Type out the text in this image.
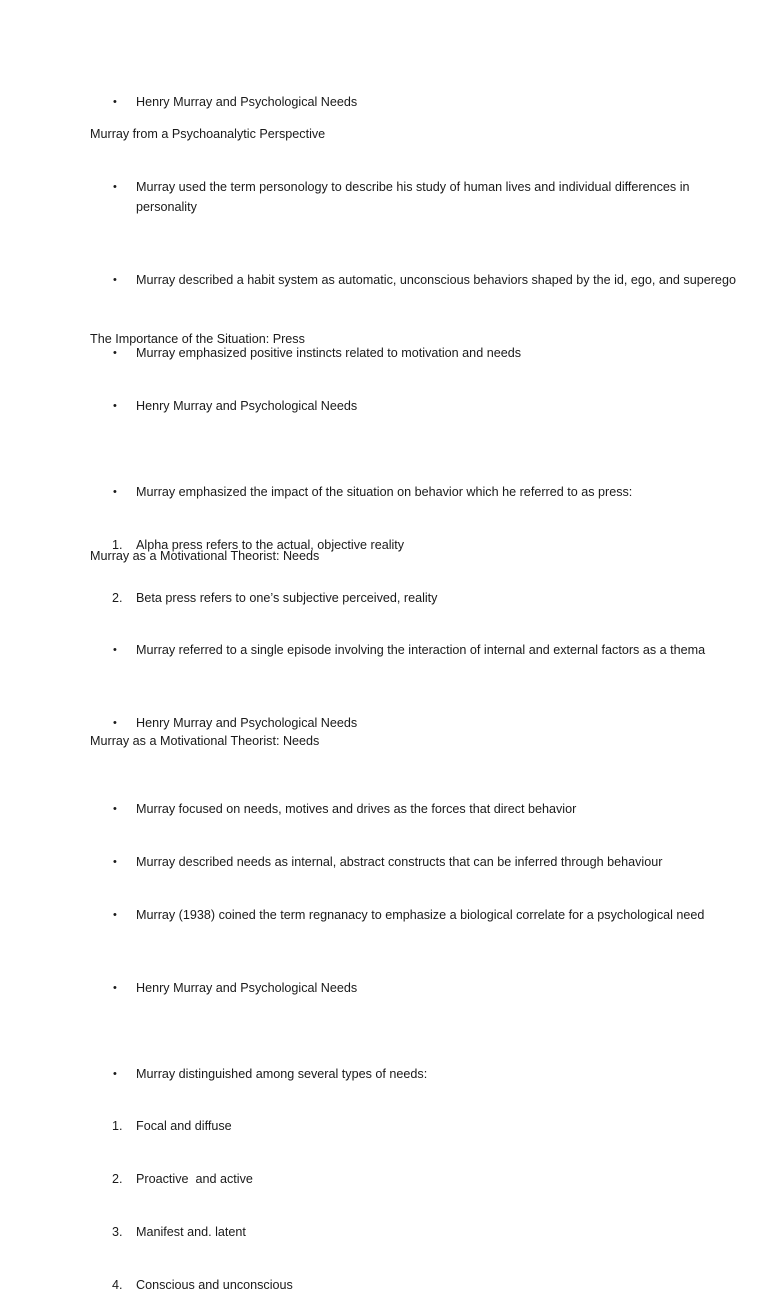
•	Henry Murray and Psychological Needs
Murray from a Psychoanalytic Perspective
•	Murray used the term personology to describe his study of human lives and individual differences in personality
•	Murray described a habit system as automatic, unconscious behaviors shaped by the id, ego, and superego
•	Murray emphasized positive instincts related to motivation and needs
•	Henry Murray and Psychological Needs
The Importance of the Situation: Press
•	Murray emphasized the impact of the situation on behavior which he referred to as press:
1.	Alpha press refers to the actual, objective reality
2.	Beta press refers to one’s subjective perceived, reality
•	Murray referred to a single episode involving the interaction of internal and external factors as a thema
•	Henry Murray and Psychological Needs
Murray as a Motivational Theorist: Needs
•	Murray focused on needs, motives and drives as the forces that direct behavior
•	Murray described needs as internal, abstract constructs that can be inferred through behaviour
•	Murray (1938) coined the term regnanacy to emphasize a biological correlate for a psychological need
•	Henry Murray and Psychological Needs
Murray as a Motivational Theorist: Needs
•	Murray distinguished among several types of needs:
1.	Focal and diffuse
2.	Proactive  and active
3.	Manifest and. latent
4.	Conscious and unconscious
